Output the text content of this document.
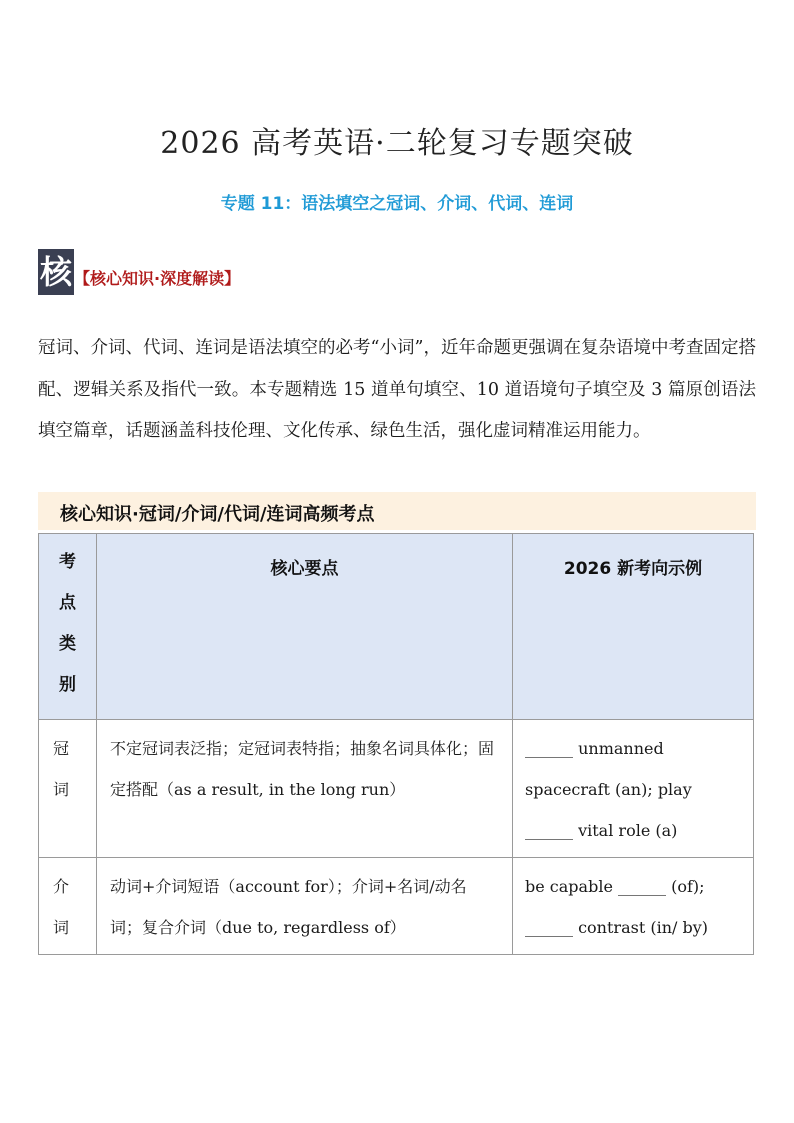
2026 高考英语·二轮复习专题突破
专题 11：语法填空之冠词、介词、代词、连词
核 【核心知识·深度解读】
冠词、介词、代词、连词是语法填空的必考“小词”，近年命题更强调在复杂语境中考查固定搭配、逻辑关系及指代一致。本专题精选 15 道单句填空、10 道语境句子填空及 3 篇原创语法填空篇章，话题涵盖科技伦理、文化传承、绿色生活，强化虚词精准运用能力。
核心知识·冠词/介词/代词/连词高频考点
考点类别	核心要点	2026 新考向示例

冠词	不定冠词表泛指；定冠词表特指；抽象名词具体化；固定搭配（as a result, in the long run）	______ unmanned spacecraft (an); play ______ vital role (a)

介词	动词+介词短语（account for）；介词+名词/动名词；复合介词（due to, regardless of）	be capable ______ (of); ______ contrast (in/ by)
